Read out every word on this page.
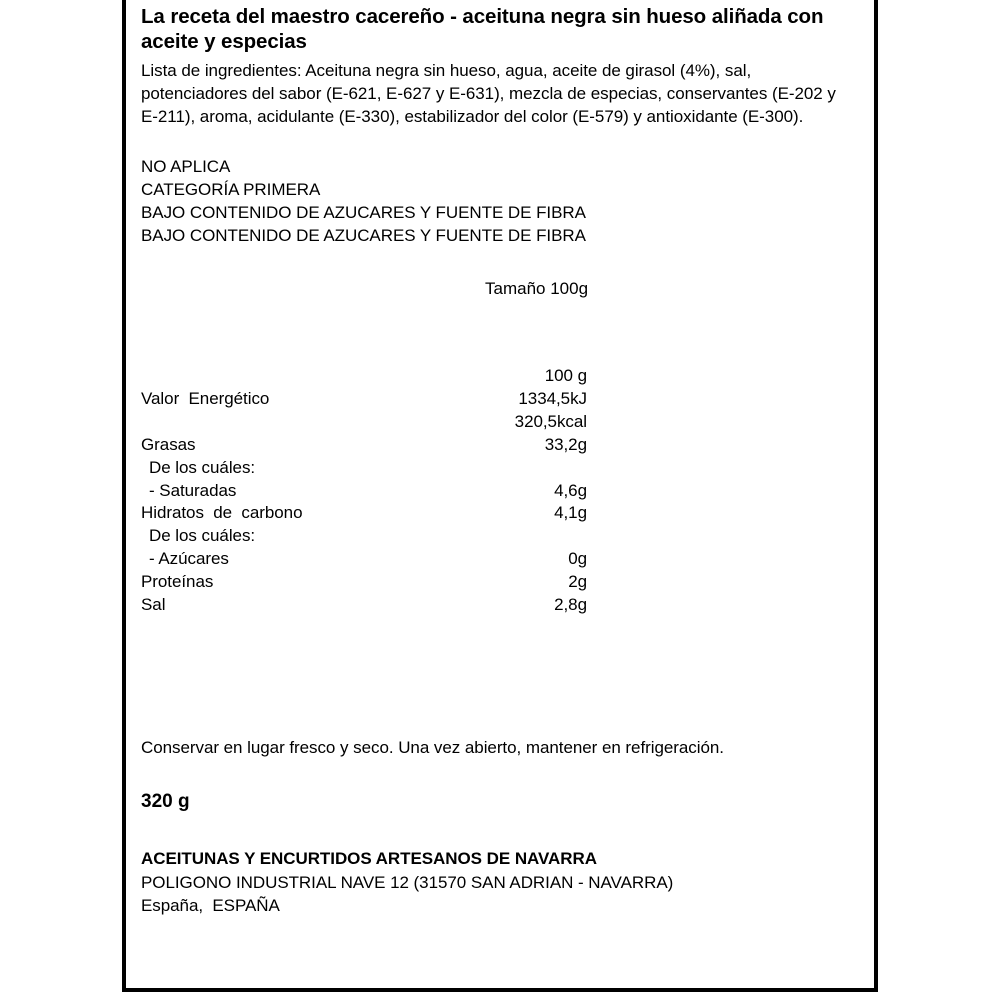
La receta del maestro cacereño - aceituna negra sin hueso aliñada con aceite y especias

Lista de ingredientes: Aceituna negra sin hueso, agua, aceite de girasol (4%), sal, potenciadores del sabor (E-621, E-627 y E-631), mezcla de especias, conservantes (E-202 y E-211), aroma, acidulante (E-330), estabilizador del color (E-579) y antioxidante (E-300).

NO APLICA
CATEGORÍA PRIMERA
BAJO CONTENIDO DE AZUCARES Y FUENTE DE FIBRA
BAJO CONTENIDO DE AZUCARES Y FUENTE DE FIBRA
Tamaño 100g
100 g
Valor  Energético	1334,5kJ
320,5kcal
Grasas	33,2g
De los cuáles:
- Saturadas	4,6g
Hidratos  de  carbono	4,1g
De los cuáles:
- Azúcares	0g
Proteínas	2g
Sal	2,8g

Conservar en lugar fresco y seco. Una vez abierto, mantener en refrigeración.

320 g

ACEITUNAS Y ENCURTIDOS ARTESANOS DE NAVARRA

POLIGONO INDUSTRIAL NAVE 12 (31570 SAN ADRIAN - NAVARRA)

España,  ESPAÑA
